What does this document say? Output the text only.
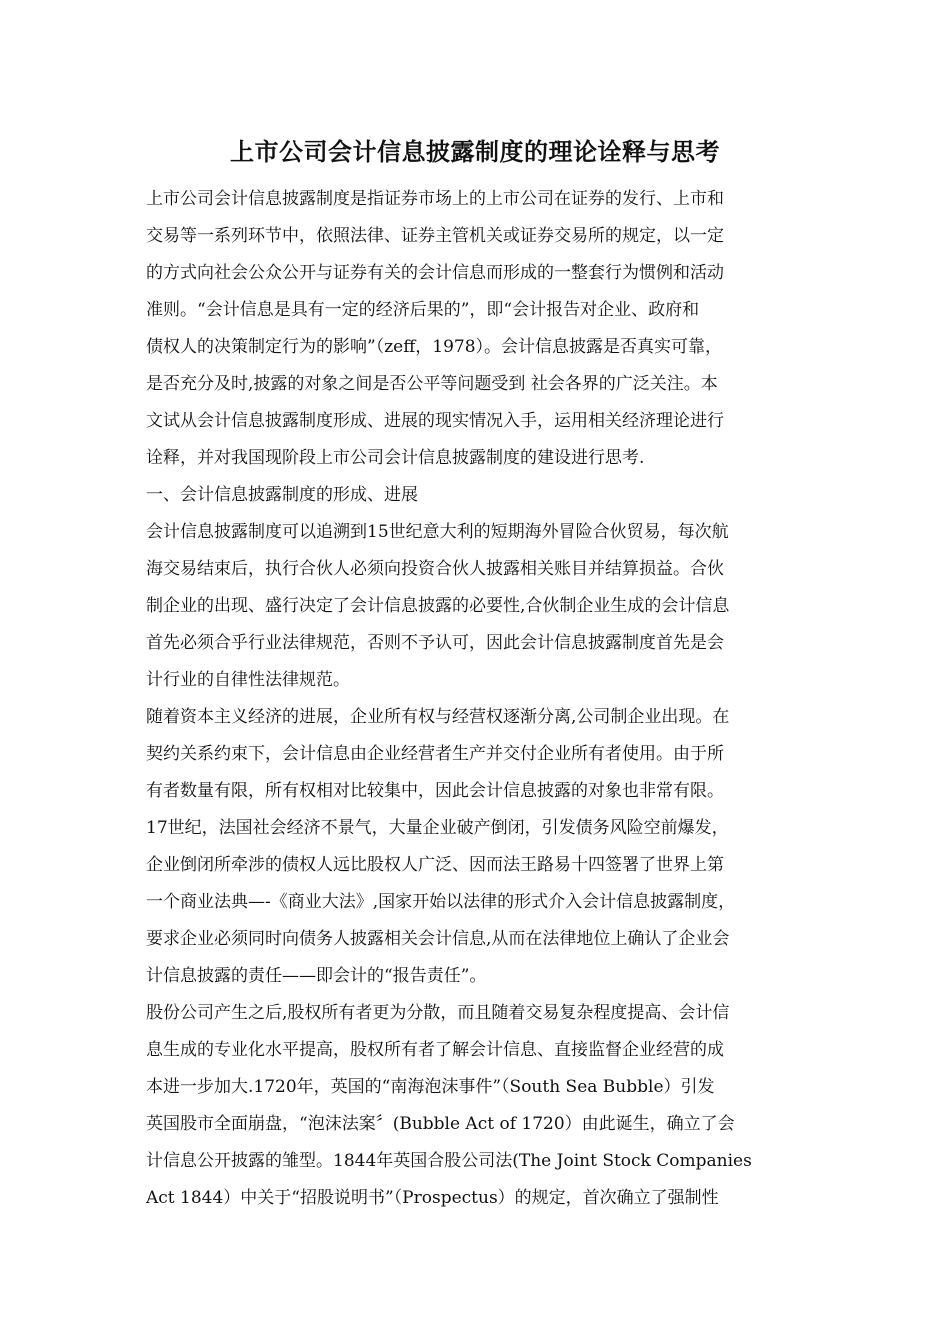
上市公司会计信息披露制度的理论诠释与思考
上市公司会计信息披露制度是指证券市场上的上市公司在证券的发行、上市和
交易等一系列环节中，依照法律、证券主管机关或证券交易所的规定，以一定
的方式向社会公众公开与证券有关的会计信息而形成的一整套行为惯例和活动
准则。“会计信息是具有一定的经济后果的”，即“会计报告对企业、政府和
债权人的决策制定行为的影响”（zeff，1978）。会计信息披露是否真实可靠，
是否充分及时,披露的对象之间是否公平等问题受到 社会各界的广泛关注。本
文试从会计信息披露制度形成、进展的现实情况入手，运用相关经济理论进行
诠释，并对我国现阶段上市公司会计信息披露制度的建设进行思考.
一、会计信息披露制度的形成、进展
会计信息披露制度可以追溯到15世纪意大利的短期海外冒险合伙贸易，每次航
海交易结束后，执行合伙人必须向投资合伙人披露相关账目并结算损益。合伙
制企业的出现、盛行决定了会计信息披露的必要性,合伙制企业生成的会计信息
首先必须合乎行业法律规范，否则不予认可，因此会计信息披露制度首先是会
计行业的自律性法律规范。
随着资本主义经济的进展，企业所有权与经营权逐渐分离,公司制企业出现。在
契约关系约束下，会计信息由企业经营者生产并交付企业所有者使用。由于所
有者数量有限，所有权相对比较集中，因此会计信息披露的对象也非常有限。
17世纪，法国社会经济不景气，大量企业破产倒闭，引发债务风险空前爆发，
企业倒闭所牵涉的债权人远比股权人广泛、因而法王路易十四签署了世界上第
一个商业法典—-《商业大法》,国家开始以法律的形式介入会计信息披露制度，
要求企业必须同时向债务人披露相关会计信息,从而在法律地位上确认了企业会
计信息披露的责任——即会计的“报告责任”。
股份公司产生之后,股权所有者更为分散，而且随着交易复杂程度提高、会计信
息生成的专业化水平提高，股权所有者了解会计信息、直接监督企业经营的成
本进一步加大.1720年，英国的“南海泡沫事件”（South Sea Bubble）引发
英国股市全面崩盘，“泡沫法案〞(Bubble Act of 1720）由此诞生，确立了会
计信息公开披露的雏型。1844年英国合股公司法(The Joint Stock Companies
Act 1844）中关于“招股说明书”（Prospectus）的规定，首次确立了强制性
